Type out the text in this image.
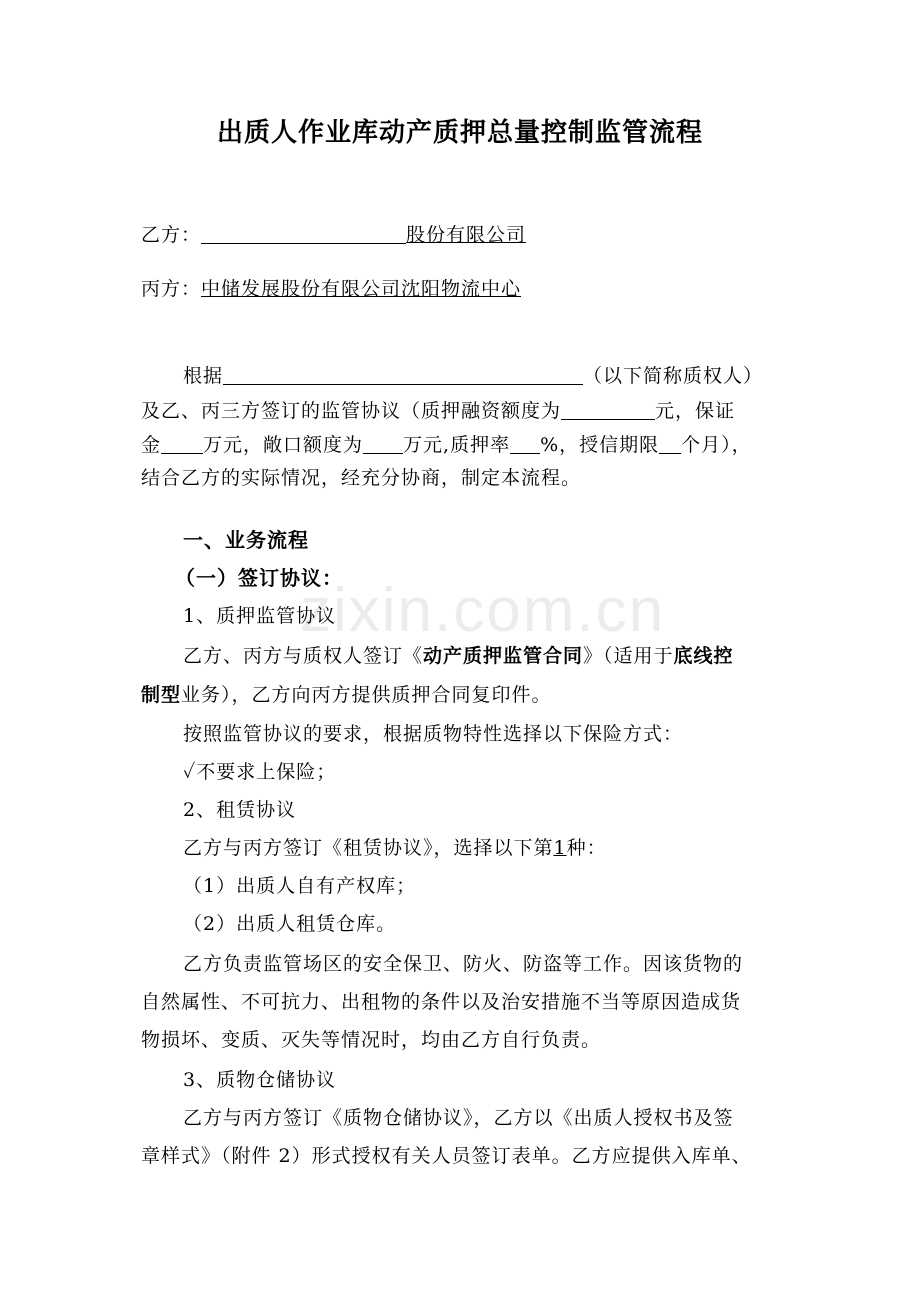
zixin.com.cn
出质人作业库动产质押总量控制监管流程
乙方：	股份有限公司
丙方：中储发展股份有限公司沈阳物流中心
根据	（以下简称质权人）
及乙、丙三方签订的监管协议（质押融资额度为	元，保证
金 万元，敞口额度为 万元,质押率 %，授信期限 个月），
结合乙方的实际情况，经充分协商，制定本流程。
一、业务流程
（一）签订协议：
1、质押监管协议
乙方、丙方与质权人签订《动产质押监管合同》（适用于底线控
制型业务），乙方向丙方提供质押合同复印件。
按照监管协议的要求，根据质物特性选择以下保险方式：
✓不要求上保险；
2、租赁协议
乙方与丙方签订《租赁协议》，选择以下第1种：
（1）出质人自有产权库；
（2）出质人租赁仓库。
乙方负责监管场区的安全保卫、防火、防盗等工作。因该货物的
自然属性、不可抗力、出租物的条件以及治安措施不当等原因造成货
物损坏、变质、灭失等情况时，均由乙方自行负责。
3、质物仓储协议
乙方与丙方签订《质物仓储协议》，乙方以《出质人授权书及签
章样式》（附件 2）形式授权有关人员签订表单。乙方应提供入库单、
